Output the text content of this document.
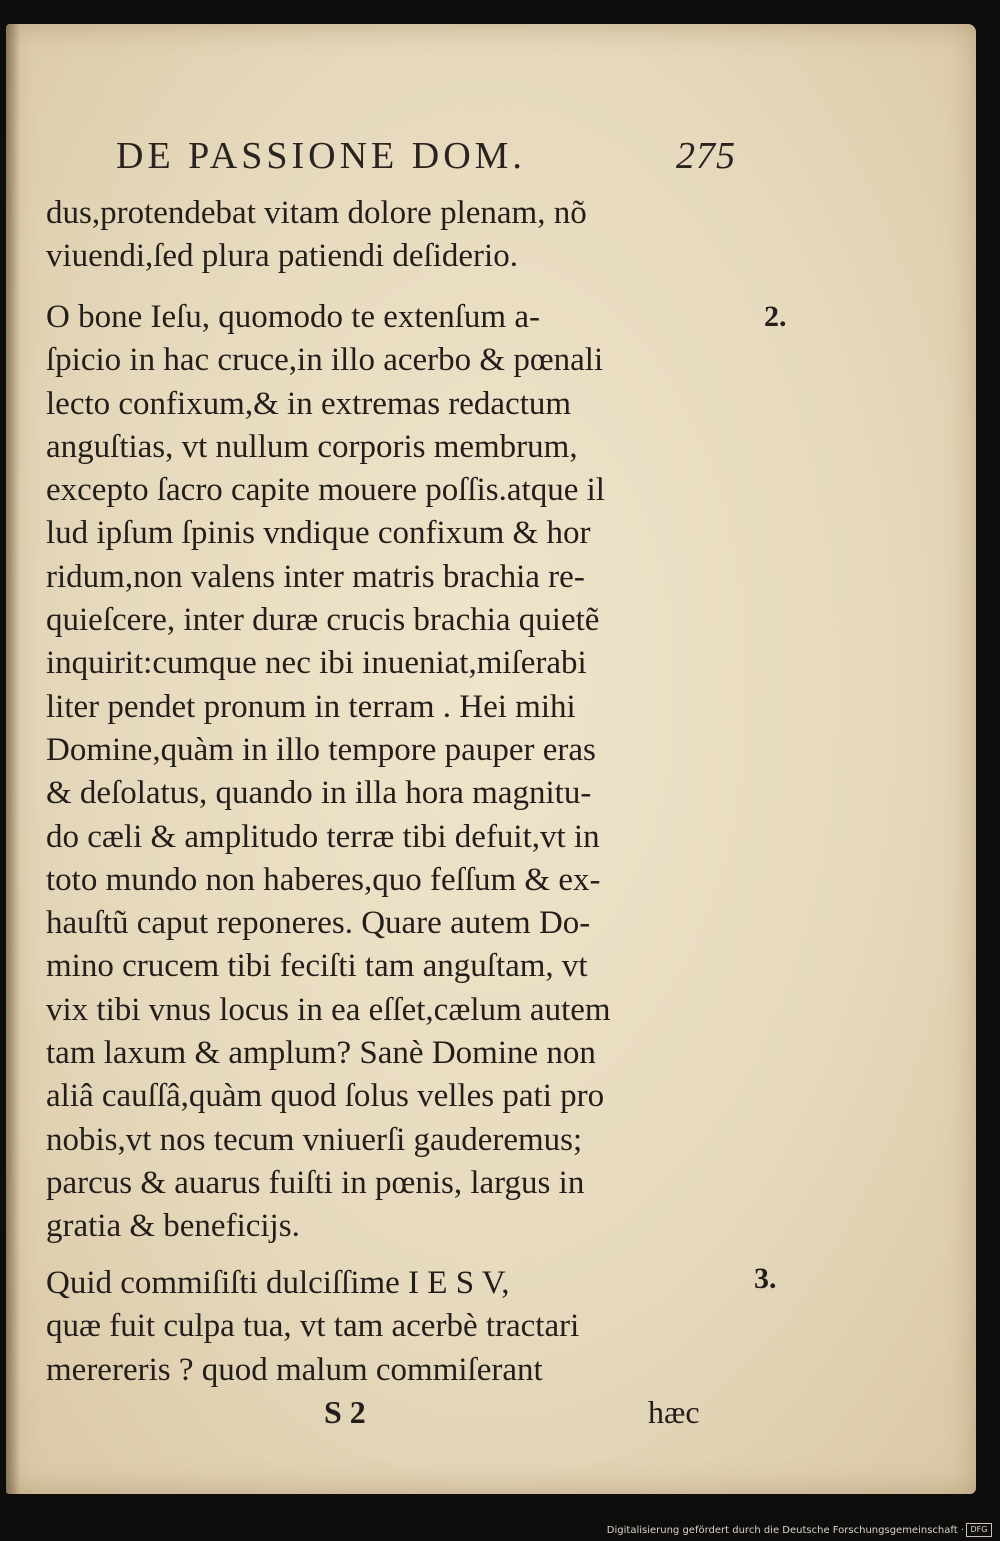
DE PASSIONE DOM.	275
dus,protendebat vitam dolore plenam, nõ
viuendi,ſed plura patiendi deſiderio.
2.
O bone Ieſu, quomodo te extenſum a-
ſpicio in hac cruce,in illo acerbo & pœnali
lecto confixum,& in extremas redactum
anguſtias, vt nullum corporis membrum,
excepto ſacro capite mouere poſſis.atque il
lud ipſum ſpinis vndique confixum & hor
ridum,non valens inter matris brachia re-
quieſcere, inter duræ crucis brachia quietẽ
inquirit:cumque nec ibi inueniat,miſerabi
liter pendet pronum in terram . Hei mihi
Domine,quàm in illo tempore pauper eras
& deſolatus, quando in illa hora magnitu-
do cæli & amplitudo terræ tibi defuit,vt in
toto mundo non haberes,quo feſſum & ex-
hauſtũ caput reponeres. Quare autem Do-
mino crucem tibi feciſti tam anguſtam, vt
vix tibi vnus locus in ea eſſet,cælum autem
tam laxum & amplum? Sanè Domine non
aliâ cauſſâ,quàm quod ſolus velles pati pro
nobis,vt nos tecum vniuerſi gauderemus;
parcus & auarus fuiſti in pœnis, largus in
gratia & beneficijs.
3.
Quid commiſiſti dulciſſime I E S V,
quæ fuit culpa tua, vt tam acerbè tractari
merereris ? quod malum commiſerant
S 2	hæc
Digitalisierung gefördert durch die Deutsche Forschungsgemeinschaft · DFG
